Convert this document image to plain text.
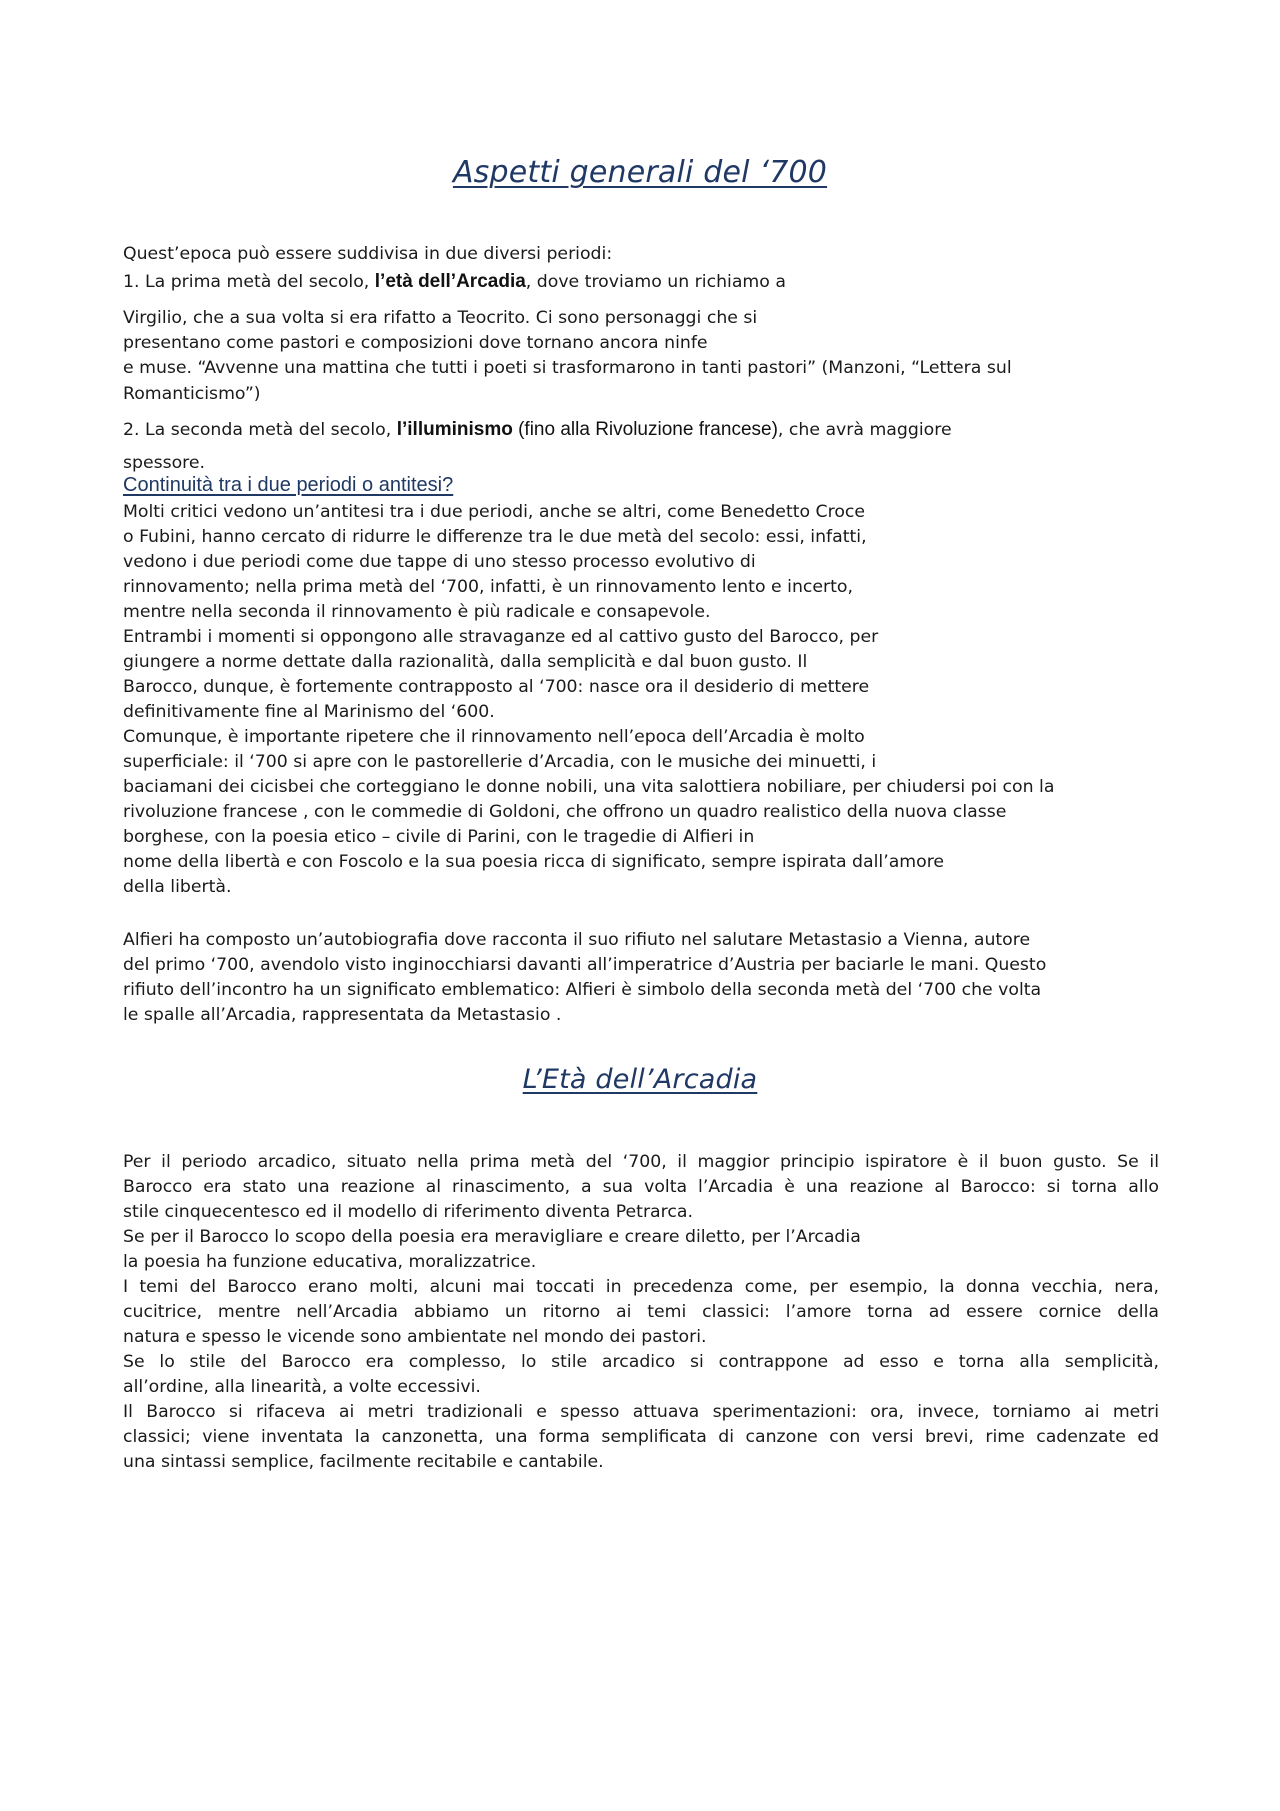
Aspetti generali del ‘700

Quest’epoca può essere suddivisa in due diversi periodi:

1. La prima metà del secolo, l’età dell’Arcadia, dove troviamo un richiamo a

Virgilio, che a sua volta si era rifatto a Teocrito. Ci sono personaggi che si

presentano come pastori e composizioni dove tornano ancora ninfe

e muse. “Avvenne una mattina che tutti i poeti si trasformarono in tanti pastori” (Manzoni, “Lettera sul

Romanticismo”)

2. La seconda metà del secolo, l’illuminismo (fino alla Rivoluzione francese), che avrà maggiore

spessore.

Continuità tra i due periodi o antitesi?

Molti critici vedono un’antitesi tra i due periodi, anche se altri, come Benedetto Croce

o Fubini, hanno cercato di ridurre le differenze tra le due metà del secolo: essi, infatti,

vedono i due periodi come due tappe di uno stesso processo evolutivo di

rinnovamento; nella prima metà del ‘700, infatti, è un rinnovamento lento e incerto,

mentre nella seconda il rinnovamento è più radicale e consapevole.

Entrambi i momenti si oppongono alle stravaganze ed al cattivo gusto del Barocco, per

giungere a norme dettate dalla razionalità, dalla semplicità e dal buon gusto. Il

Barocco, dunque, è fortemente contrapposto al ‘700: nasce ora il desiderio di mettere

definitivamente fine al Marinismo del ‘600.

Comunque, è importante ripetere che il rinnovamento nell’epoca dell’Arcadia è molto

superficiale: il ‘700 si apre con le pastorellerie d’Arcadia, con le musiche dei minuetti, i

baciamani dei cicisbei che corteggiano le donne nobili, una vita salottiera nobiliare, per chiudersi poi con la

rivoluzione francese , con le commedie di Goldoni, che offrono un quadro realistico della nuova classe

borghese, con la poesia etico – civile di Parini, con le tragedie di Alfieri in

nome della libertà e con Foscolo e la sua poesia ricca di significato, sempre ispirata dall’amore

della libertà.

Alfieri ha composto un’autobiografia dove racconta il suo rifiuto nel salutare Metastasio a Vienna, autore

del primo ‘700, avendolo visto inginocchiarsi davanti all’imperatrice d’Austria per baciarle le mani. Questo

rifiuto dell’incontro ha un significato emblematico: Alfieri è simbolo della seconda metà del ‘700 che volta

le spalle all’Arcadia, rappresentata da Metastasio .

L’Età dell’Arcadia

Per il periodo arcadico, situato nella prima metà del ‘700, il maggior principio ispiratore è il buon gusto. Se il

Barocco era stato una reazione al rinascimento, a sua volta l’Arcadia è una reazione al Barocco: si torna allo

stile cinquecentesco ed il modello di riferimento diventa Petrarca.

Se per il Barocco lo scopo della poesia era meravigliare e creare diletto, per l’Arcadia

la poesia ha funzione educativa, moralizzatrice.

I temi del Barocco erano molti, alcuni mai toccati in precedenza come, per esempio, la donna vecchia, nera,

cucitrice, mentre nell’Arcadia abbiamo un ritorno ai temi classici: l’amore torna ad essere cornice della

natura e spesso le vicende sono ambientate nel mondo dei pastori.

Se lo stile del Barocco era complesso, lo stile arcadico si contrappone ad esso e torna alla semplicità,

all’ordine, alla linearità, a volte eccessivi.

Il Barocco si rifaceva ai metri tradizionali e spesso attuava sperimentazioni: ora, invece, torniamo ai metri

classici; viene inventata la canzonetta, una forma semplificata di canzone con versi brevi, rime cadenzate ed

una sintassi semplice, facilmente recitabile e cantabile.
